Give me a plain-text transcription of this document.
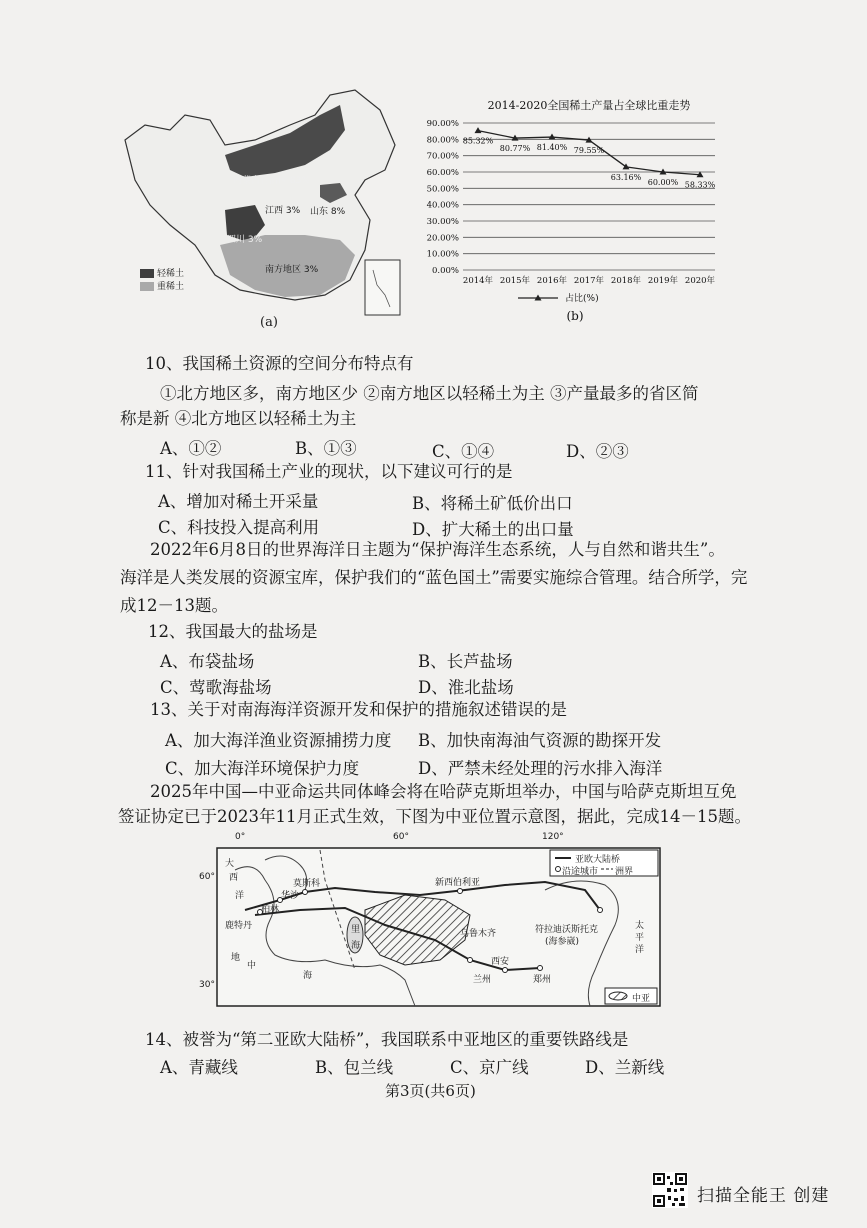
轻稀土
重稀土
内蒙古自治区 83%
山东 8%
江西 3%
四川 3%
南方地区 3%
(a)
2014-2020全国稀土产量占全球比重走势
0.00%
10.00%
20.00%
30.00%
40.00%
50.00%
60.00%
70.00%
80.00%
90.00%
2014年 2015年 2016年 2017年 2018年 2019年 2020年
85.32%
80.77% 81.40% 79.55%
63.16%
60.00% 58.33%
占比(%)
(b)
10、我国稀土资源的空间分布特点有
①北方地区多，南方地区少 ②南方地区以轻稀土为主 ③产量最多的省区简
称是新 ④北方地区以轻稀土为主
A、①②	B、①③	C、①④	D、②③
11、针对我国稀土产业的现状，以下建议可行的是
A、增加对稀土开采量	B、将稀土矿低价出口
C、科技投入提高利用	D、扩大稀土的出口量
2022年6月8日的世界海洋日主题为“保护海洋生态系统，人与自然和谐共生”。
海洋是人类发展的资源宝库，保护我们的“蓝色国土”需要实施综合管理。结合所学，完
成12－13题。
12、我国最大的盐场是
A、布袋盐场	B、长芦盐场
C、莺歌海盐场	D、淮北盐场
13、关于对南海海洋资源开发和保护的措施叙述错误的是
A、加大海洋渔业资源捕捞力度 B、加快南海油气资源的勘探开发
C、加大海洋环境保护力度	D、严禁未经处理的污水排入海洋
2025年中国—中亚命运共同体峰会将在哈萨克斯坦举办，中国与哈萨克斯坦互免
签证协定已于2023年11月正式生效，下图为中亚位置示意图，据此，完成14－15题。
0°	60°	120°
60°
30°
亚欧大陆桥
沿途城市 洲界
中亚
大
西
洋
莫斯科
华沙
柏林
鹿特丹
新西伯利亚
乌鲁木齐	符拉迪沃斯托克
(海参崴)
西安
郑州
兰州
太
平
洋
地
中
海
里
海
14、被誉为“第二亚欧大陆桥”，我国联系中亚地区的重要铁路线是
A、青藏线	B、包兰线	C、京广线	D、兰新线
第3页(共6页)
扫描全能王 创建
